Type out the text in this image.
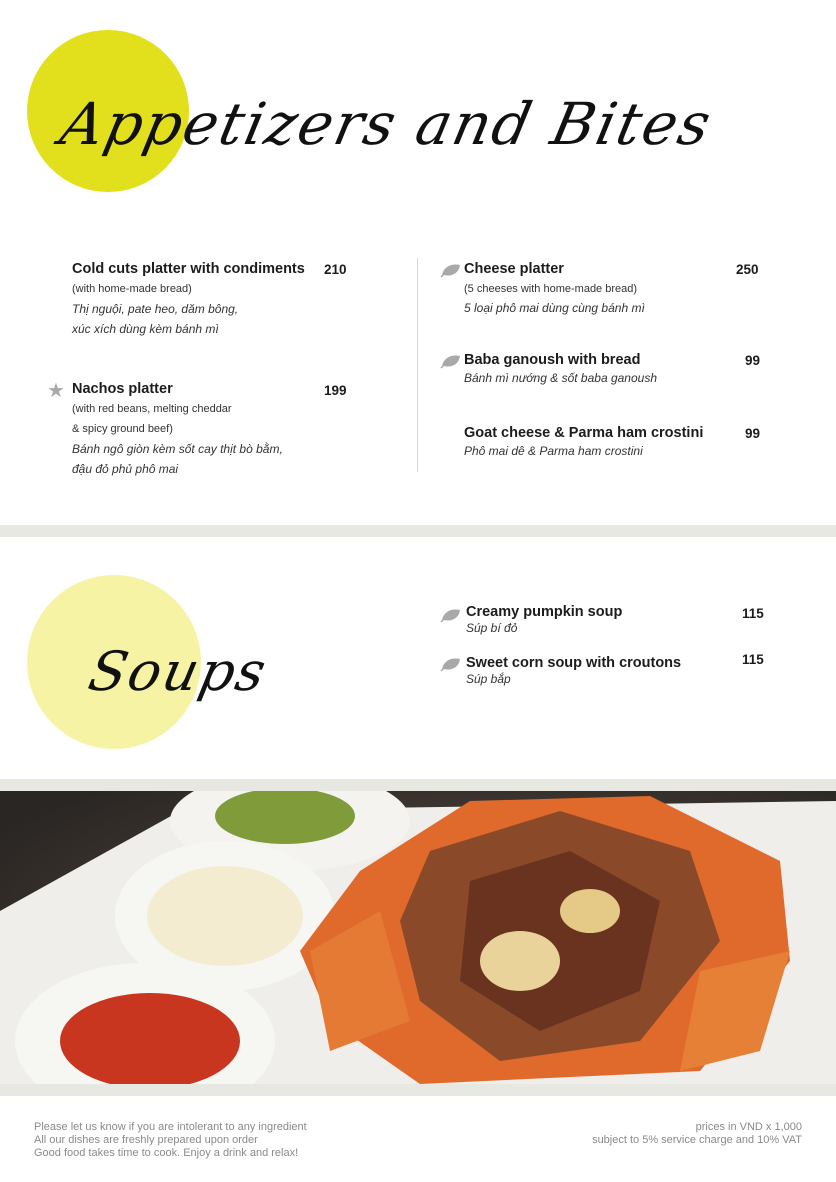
Appetizers and Bites
Cold cuts platter with condiments
(with home-made bread)
Thị nguội, pate heo, dăm bông,
xúc xích dùng kèm bánh mì
210
★ Nachos platter
(with red beans, melting cheddar
& spicy ground beef)
Bánh ngô giòn kèm sốt cay thịt bò bằm,
đậu đỏ phủ phô mai
199
Cheese platter
(5 cheeses with home-made bread)
5 loại phô mai dùng cùng bánh mì
250
Baba ganoush with bread
Bánh mì nướng & sốt baba ganoush
99
Goat cheese & Parma ham crostini
Phô mai dê & Parma ham crostini
99
Soups
Creamy pumpkin soup
Súp bí đỏ
115
Sweet corn soup with croutons
Súp bắp
115
Please let us know if you are intolerant to any ingredient
All our dishes are freshly prepared upon order
Good food takes time to cook. Enjoy a drink and relax!
prices in VND x 1,000
subject to 5% service charge and 10% VAT
